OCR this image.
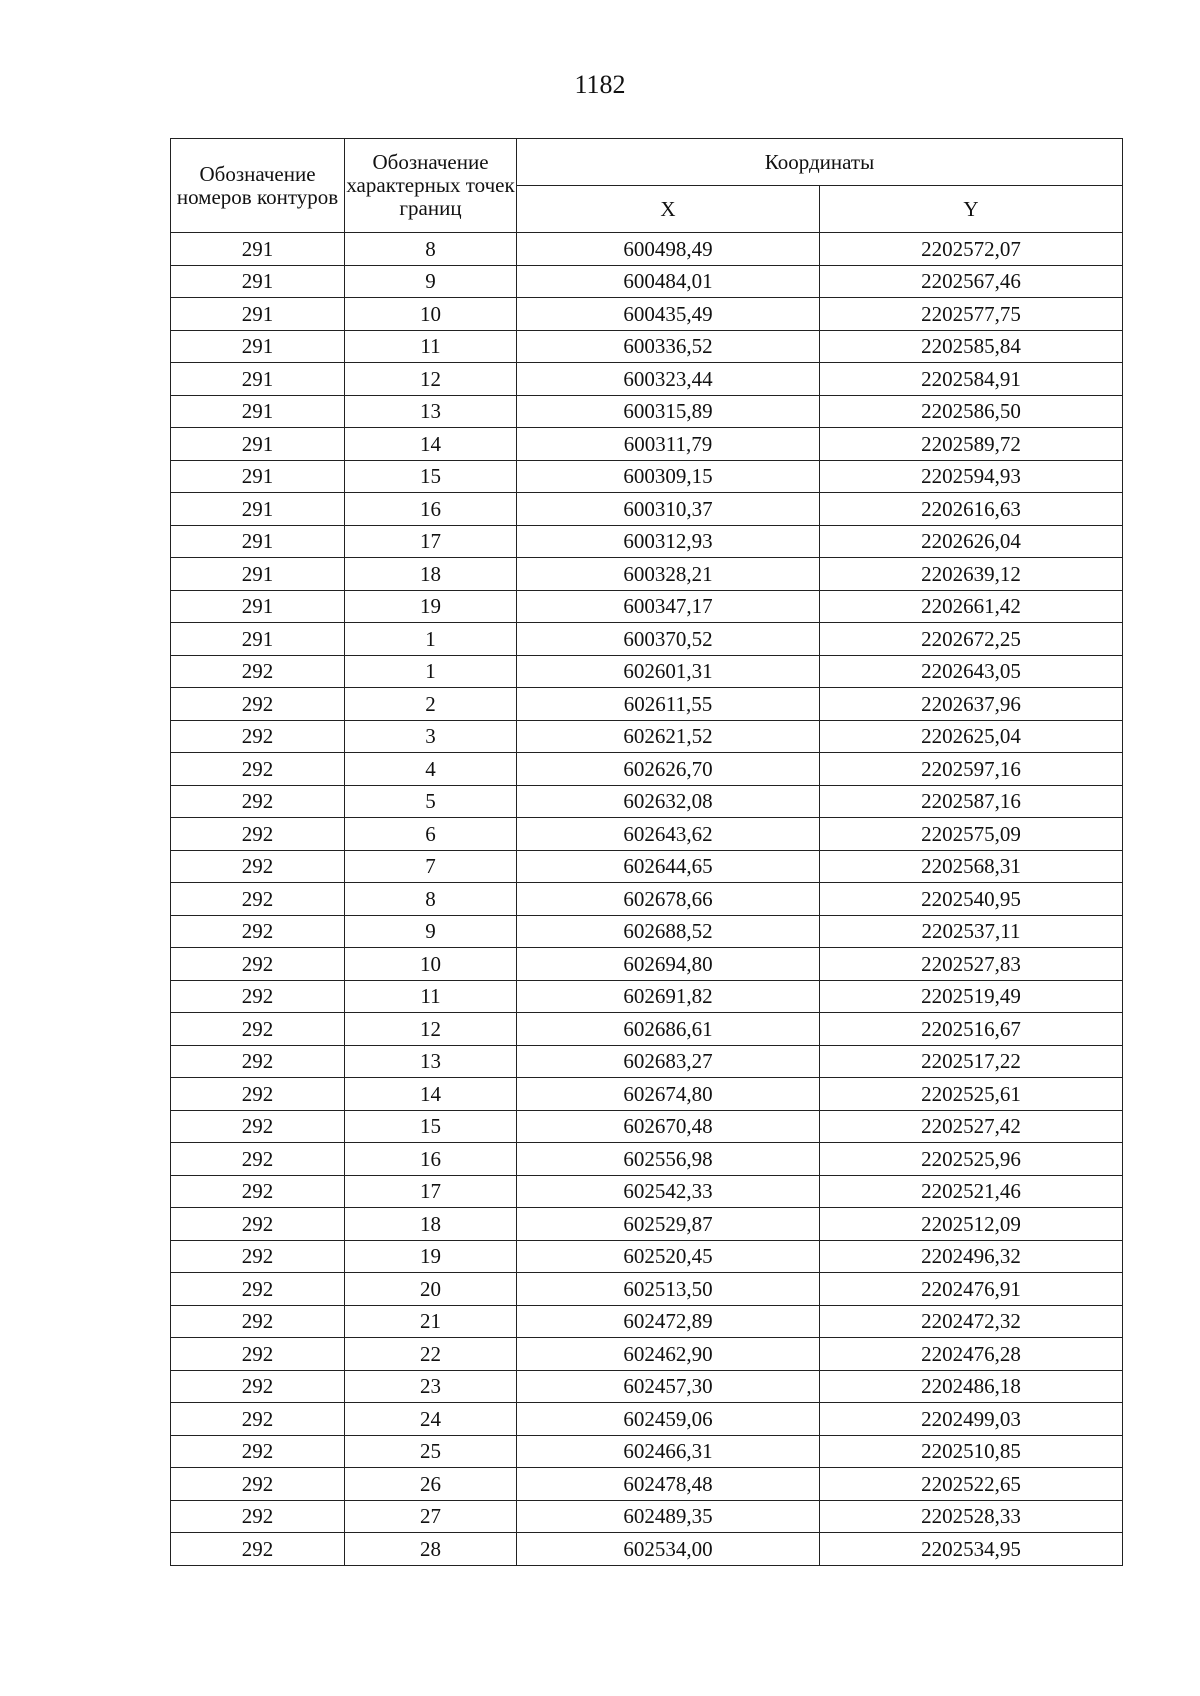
1182
Обозначение номеров контуров	Обозначение характерных точек границ	Координаты	
		X	Y
291	8	600498,49	2202572,07
291	9	600484,01	2202567,46
291	10	600435,49	2202577,75
291	11	600336,52	2202585,84
291	12	600323,44	2202584,91
291	13	600315,89	2202586,50
291	14	600311,79	2202589,72
291	15	600309,15	2202594,93
291	16	600310,37	2202616,63
291	17	600312,93	2202626,04
291	18	600328,21	2202639,12
291	19	600347,17	2202661,42
291	1	600370,52	2202672,25
292	1	602601,31	2202643,05
292	2	602611,55	2202637,96
292	3	602621,52	2202625,04
292	4	602626,70	2202597,16
292	5	602632,08	2202587,16
292	6	602643,62	2202575,09
292	7	602644,65	2202568,31
292	8	602678,66	2202540,95
292	9	602688,52	2202537,11
292	10	602694,80	2202527,83
292	11	602691,82	2202519,49
292	12	602686,61	2202516,67
292	13	602683,27	2202517,22
292	14	602674,80	2202525,61
292	15	602670,48	2202527,42
292	16	602556,98	2202525,96
292	17	602542,33	2202521,46
292	18	602529,87	2202512,09
292	19	602520,45	2202496,32
292	20	602513,50	2202476,91
292	21	602472,89	2202472,32
292	22	602462,90	2202476,28
292	23	602457,30	2202486,18
292	24	602459,06	2202499,03
292	25	602466,31	2202510,85
292	26	602478,48	2202522,65
292	27	602489,35	2202528,33
292	28	602534,00	2202534,95
